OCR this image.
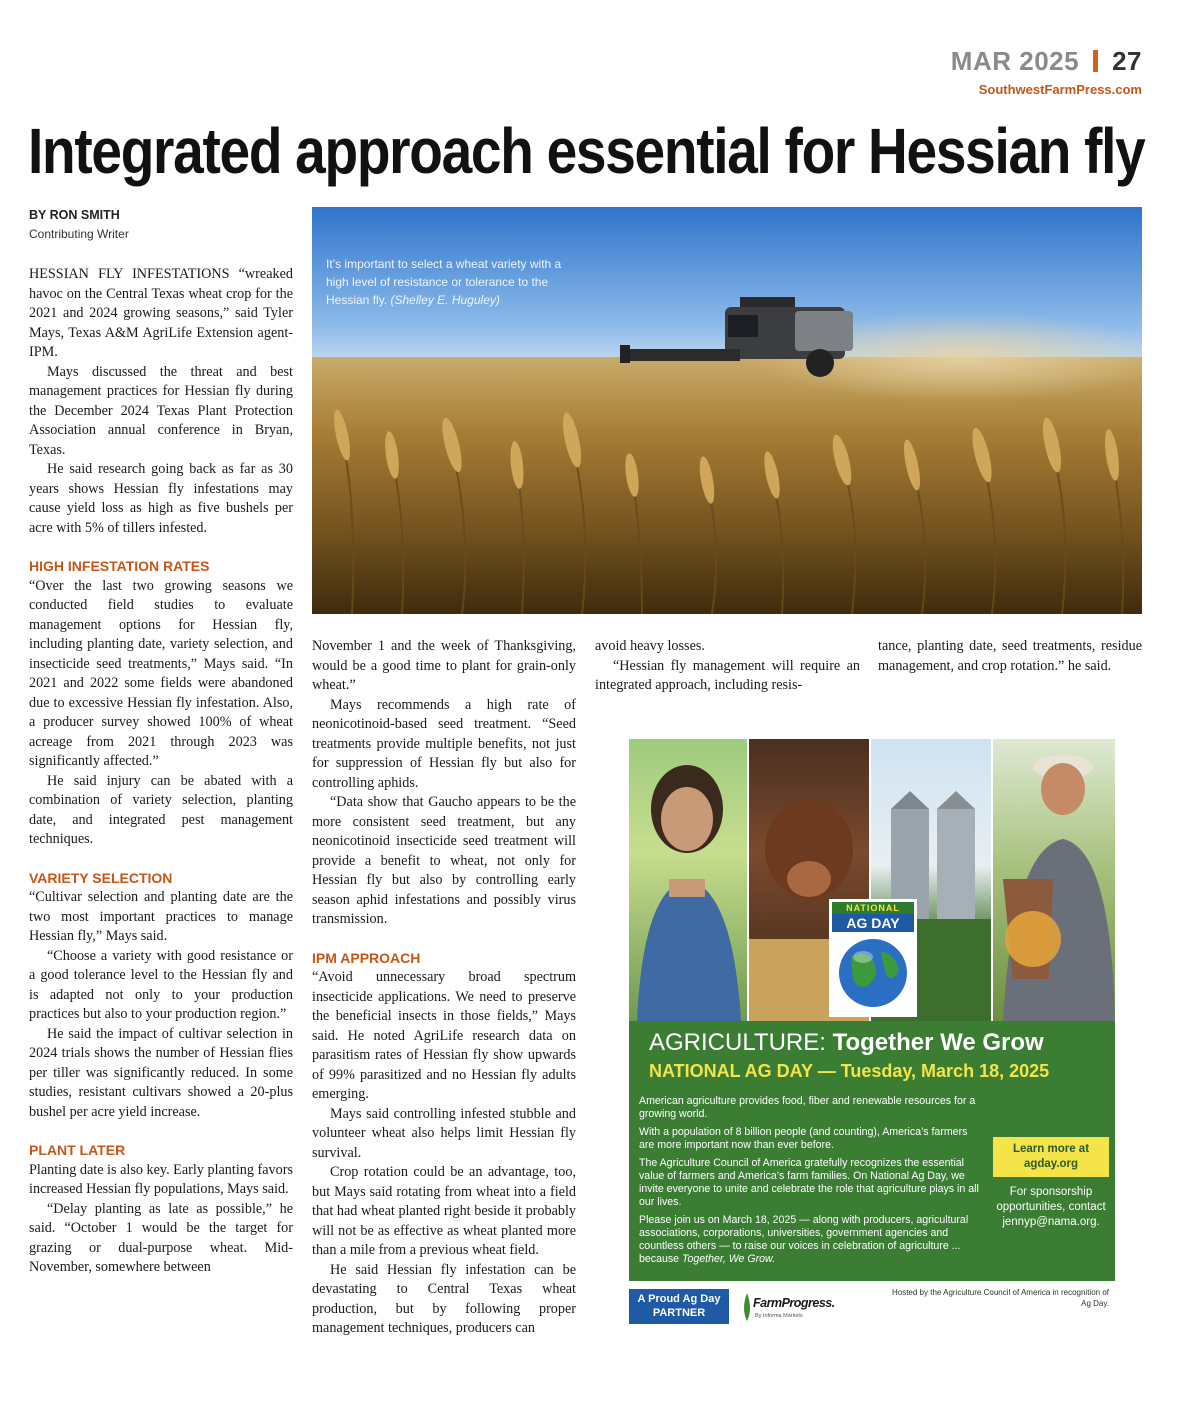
MAR 2025 27
SouthwestFarmPress.com
Integrated approach essential for Hessian fly
BY RON SMITH
Contributing Writer
It’s important to select a wheat variety with a high level of resistance or tolerance to the Hessian fly. (Shelley E. Huguley)

HESSIAN FLY INFESTATIONS “wreaked havoc on the Central Texas wheat crop for the 2021 and 2024 growing seasons,” said Tyler Mays, Texas A&M AgriLife Extension agent-IPM.

Mays discussed the threat and best management practices for Hessian fly during the December 2024 Texas Plant Protection Association annual conference in Bryan, Texas.

He said research going back as far as 30 years shows Hessian fly infestations may cause yield loss as high as five bushels per acre with 5% of tillers infested.

HIGH INFESTATION RATES

“Over the last two growing seasons we conducted field studies to evaluate management options for Hessian fly, including planting date, variety selection, and insecticide seed treatments,” Mays said. “In 2021 and 2022 some fields were abandoned due to excessive Hessian fly infestation. Also, a producer survey showed 100% of wheat acreage from 2021 through 2023 was significantly affected.”

He said injury can be abated with a combination of variety selection, planting date, and integrated pest management techniques.

VARIETY SELECTION

“Cultivar selection and planting date are the two most important practices to manage Hessian fly,” Mays said.

“Choose a variety with good resistance or a good tolerance level to the Hessian fly and is adapted not only to your production practices but also to your production region.”

He said the impact of cultivar selection in 2024 trials shows the number of Hessian flies per tiller was significantly reduced. In some studies, resistant cultivars showed a 20-plus bushel per acre yield increase.

PLANT LATER

Planting date is also key. Early planting favors increased Hessian fly populations, Mays said.

“Delay planting as late as possible,” he said. “October 1 would be the target for grazing or dual-purpose wheat. Mid-November, somewhere between

November 1 and the week of Thanksgiving, would be a good time to plant for grain-only wheat.”

Mays recommends a high rate of neonicotinoid-based seed treatment. “Seed treatments provide multiple benefits, not just for suppression of Hessian fly but also for controlling aphids.

“Data show that Gaucho appears to be the more consistent seed treatment, but any neonicotinoid insecticide seed treatment will provide a benefit to wheat, not only for Hessian fly but also by controlling early season aphid infestations and possibly virus transmission.

IPM APPROACH

“Avoid unnecessary broad spectrum insecticide applications. We need to preserve the beneficial insects in those fields,” Mays said. He noted AgriLife research data on parasitism rates of Hessian fly show upwards of 99% parasitized and no Hessian fly adults emerging.

Mays said controlling infested stubble and volunteer wheat also helps limit Hessian fly survival.

Crop rotation could be an advantage, too, but Mays said rotating from wheat into a field that had wheat planted right beside it probably will not be as effective as wheat planted more than a mile from a previous wheat field.

He said Hessian fly infestation can be devastating to Central Texas wheat production, but by following proper management techniques, producers can

avoid heavy losses.

“Hessian fly management will require an integrated approach, including resis-

tance, planting date, seed treatments, residue management, and crop rotation.” he said.

NATIONAL
AG DAY
AGRICULTURE: Together We Grow
NATIONAL AG DAY — Tuesday, March 18, 2025

American agriculture provides food, fiber and renewable resources for a growing world.

With a population of 8 billion people (and counting), America’s farmers are more important now than ever before.

The Agriculture Council of America gratefully recognizes the essential value of farmers and America’s farm families. On National Ag Day, we invite everyone to unite and celebrate the role that agriculture plays in all our lives.

Please join us on March 18, 2025 — along with producers, agricultural associations, corporations, universities, government agencies and countless others — to raise our voices in celebration of agriculture ... because Together, We Grow.

Learn more at
agday.org
For sponsorship opportunities, contact jennyp@nama.org.
A Proud Ag Day
PARTNER
FarmProgress.
By Informa Markets
Hosted by the Agriculture Council of America in recognition of Ag Day.
